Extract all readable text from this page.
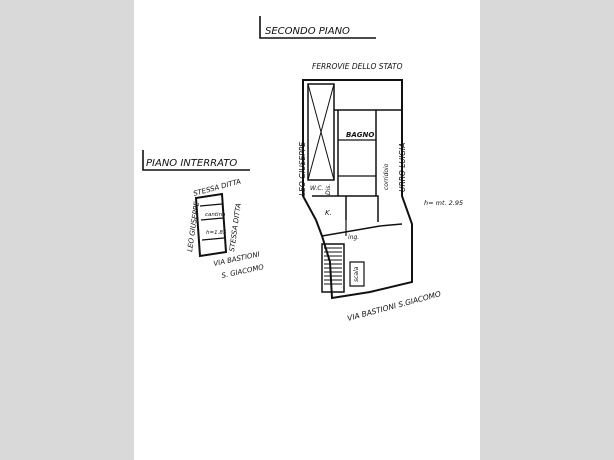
SECONDO PIANO
PIANO INTERRATO
FERROVIE DELLO STATO
BAGNO
W.C.
K.
ing.
Dis.	corridoio
scala
LEO GIUSEPPE	URRO LUIGIA
h= mt. 2.95
VIA BASTIONI S.GIACOMO
STESSA DITTA
STESSA DITTA
LEO GIUSEPPE cantina
h=1.85
VIA BASTIONI
S. GIACOMO
